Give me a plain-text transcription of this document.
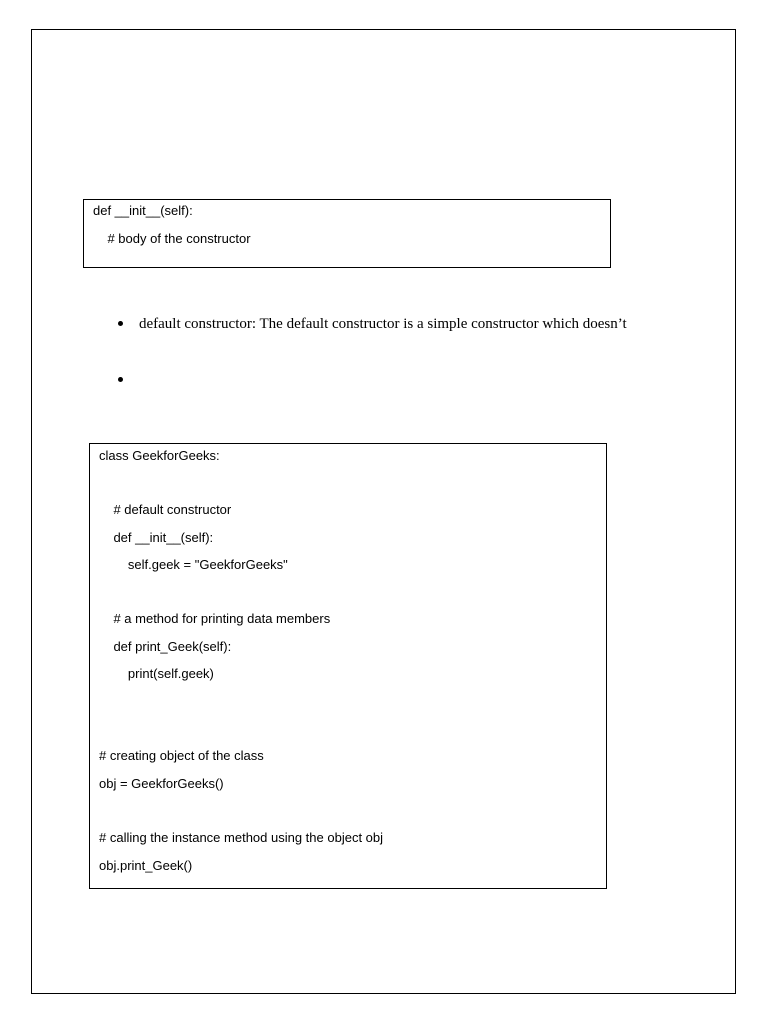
def __init__(self):
# body of the constructor
default constructor: The default constructor is a simple constructor which doesn’t
class GeekforGeeks:
# default constructor
def __init__(self):
self.geek = "GeekforGeeks"
# a method for printing data members
def print_Geek(self):
print(self.geek)
# creating object of the class
obj = GeekforGeeks()
# calling the instance method using the object obj
obj.print_Geek()
